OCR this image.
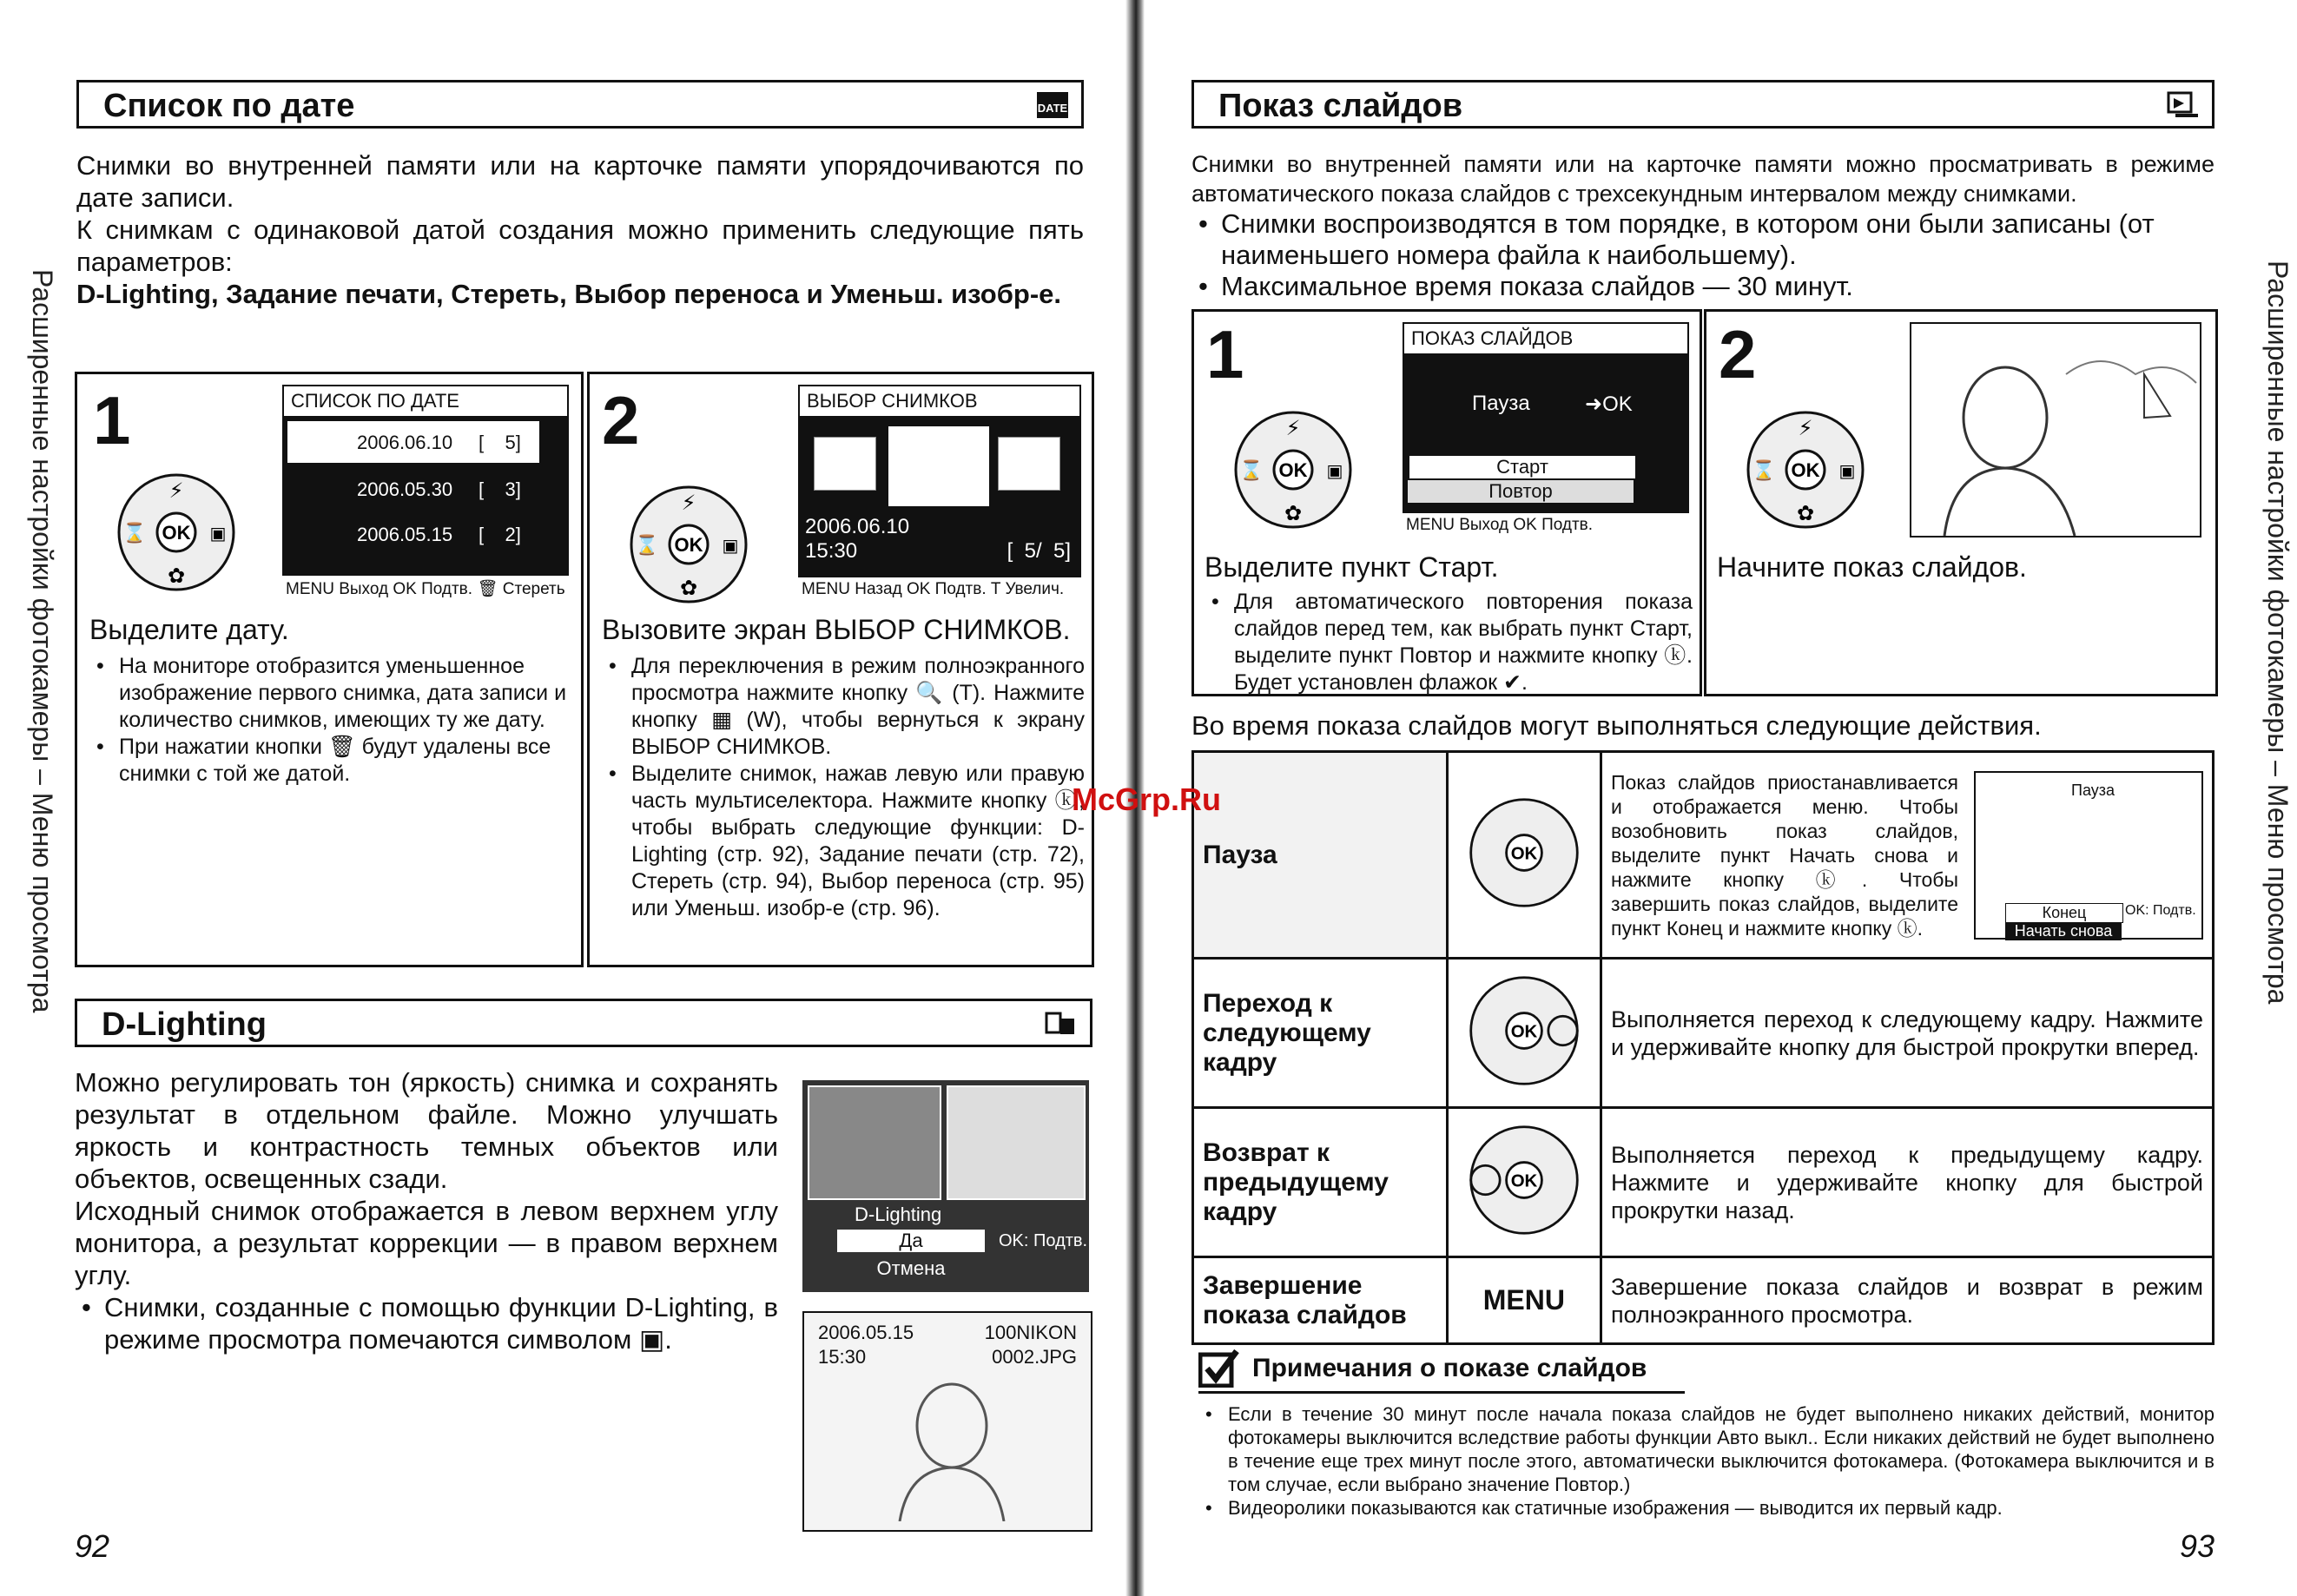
Расширенные настройки фотокамеры – Меню просмотра
Список по дате	DATE
Снимки во внутренней памяти или на карточке памяти упорядочиваются по дате записи.
К снимкам с одинаковой датой создания можно применить следующие пять параметров:
D-Lighting, Задание печати, Стереть, Выбор переноса и Уменьш. изобр-е.
1
OK
⚡
✿
⌛	▣
СПИСОК ПО ДАТЕ
2006.06.10 [    5]
2006.05.30 [    3]
2006.05.15 [    2]
MENU Выход OK Подтв. 🗑 Стереть
Выделите дату.
• На мониторе отобразится уменьшенное изображение первого снимка, дата записи и количество снимков, имеющих ту же дату.
• При нажатии кнопки 🗑 будут удалены все снимки с той же датой.
2
OK
⚡
✿
⌛	▣
ВЫБОР СНИМКОВ
2006.06.10
15:30	[  5/  5]
MENU Назад OK Подтв. T Увелич.
Вызовите экран ВЫБОР СНИМКОВ.
• Для переключения в режим полноэкранного просмотра нажмите кнопку 🔍 (T). Нажмите кнопку ▦ (W), чтобы вернуться к экрану ВЫБОР СНИМКОВ.
• Выделите снимок, нажав левую или правую часть мультиселектора. Нажмите кнопку ⓚ, чтобы выбрать следующие функции: D-Lighting (стр. 92), Задание печати (стр. 72), Стереть (стр. 94), Выбор переноса (стр. 95) или Уменьш. изобр-е (стр. 96).
D-Lighting
Можно регулировать тон (яркость) снимка и сохранять результат в отдельном файле. Можно улучшать яркость и контрастность темных объектов или объектов, освещенных сзади.
Исходный снимок отображается в левом верхнем углу монитора, а результат коррекции — в правом верхнем углу.
• Снимки, созданные с помощью функции D-Lighting, в режиме просмотра помечаются символом ▣.
D-Lighting
Да
Отмена
OK: Подтв.
2006.05.15
15:30
100NIKON
0002.JPG
92
Расширенные настройки фотокамеры – Меню просмотра
Показ слайдов
Снимки во внутренней памяти или на карточке памяти можно просматривать в режиме автоматического показа слайдов с трехсекундным интервалом между снимками.
• Снимки воспроизводятся в том порядке, в котором они были записаны (от наименьшего номера файла к наибольшему).
• Максимальное время показа слайдов — 30 минут.
1
OK
⚡
✿
⌛	▣
ПОКАЗ СЛАЙДОВ
Пауза	➜OK
Старт
Повтор
MENU Выход OK Подтв.
Выделите пункт Старт.
• Для автоматического повторения показа слайдов перед тем, как выбрать пункт Старт, выделите пункт Повтор и нажмите кнопку ⓚ. Будет установлен флажок ✔.
2
OK
⚡
✿
⌛	▣
Начните показ слайдов.
Во время показа слайдов могут выполняться следующие действия.
Пауза	OK	Показ слайдов приостанавливается и отображается меню. Чтобы возобновить показ слайдов, выделите пункт Начать снова и нажмите кнопку ⓚ. Чтобы завершить показ слайдов, выделите пункт Конец и нажмите кнопку ⓚ.
Пауза
Конец
Начать снова
OK: Подтв.

Переход к следующему кадру	OK	Выполняется переход к следующему кадру. Нажмите и удерживайте кнопку для быстрой прокрутки вперед.
Возврат к предыдущему кадру	OK	Выполняется переход к предыдущему кадру. Нажмите и удерживайте кнопку для быстрой прокрутки назад.
Завершение показа слайдов	MENU	Завершение показа слайдов и возврат в режим полноэкранного просмотра.
Примечания о показе слайдов
• Если в течение 30 минут после начала показа слайдов не будет выполнено никаких действий, монитор фотокамеры выключится вследствие работы функции Авто выкл.. Если никаких действий не будет выполнено в течение еще трех минут после этого, автоматически выключится фотокамера. (Фотокамера выключится и в том случае, если выбрано значение Повтор.)
• Видеоролики показываются как статичные изображения — выводится их первый кадр.
93
McGrp.Ru
